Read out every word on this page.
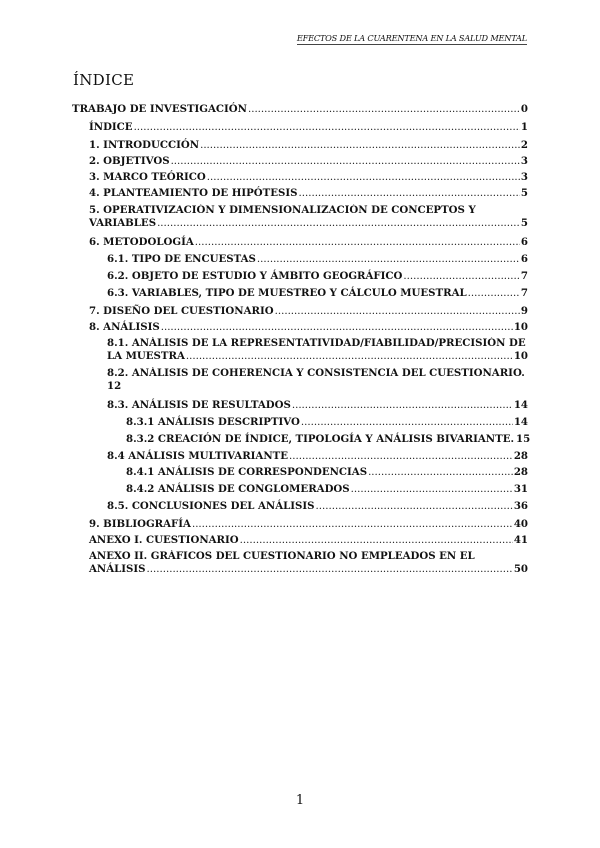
EFECTOS DE LA CUARENTENA EN LA SALUD MENTAL
ÍNDICE
TRABAJO DE INVESTIGACIÓN .....	0
ÍNDICE .....	1
1. INTRODUCCIÓN .....	2
2. OBJETIVOS .....	3
3. MARCO TEÓRICO .....	3
4. PLANTEAMIENTO DE HIPÓTESIS .....	5
5. OPERATIVIZACIÓN Y DIMENSIONALIZACIÓN DE CONCEPTOS Y
VARIABLES .....	5
6. METODOLOGÍA .....	6
6.1. TIPO DE ENCUESTAS .....	6
6.2. OBJETO DE ESTUDIO Y ÁMBITO GEOGRÁFICO .....	7
6.3. VARIABLES, TIPO DE MUESTREO Y CÁLCULO MUESTRAL .....	7
7. DISEÑO DEL CUESTIONARIO .....	9
8. ANÁLISIS .....	10
8.1. ANÁLISIS DE LA REPRESENTATIVIDAD/FIABILIDAD/PRECISIÓN DE
LA MUESTRA .....	10
8.2. ANÁLISIS DE COHERENCIA Y CONSISTENCIA DEL CUESTIONARIO.
12
8.3. ANÁLISIS DE RESULTADOS .....	14
8.3.1 ANÁLISIS DESCRIPTIVO .....	14
8.3.2 CREACIÓN DE ÍNDICE, TIPOLOGÍA Y ANÁLISIS BIVARIANTE. 15
8.4 ANÁLISIS MULTIVARIANTE .....	28
8.4.1 ANÁLISIS DE CORRESPONDENCIAS .....	28
8.4.2 ANÁLISIS DE CONGLOMERADOS .....	31
8.5. CONCLUSIONES DEL ANÁLISIS .....	36
9. BIBLIOGRAFÍA .....	40
ANEXO I. CUESTIONARIO .....	41
ANEXO II. GRÁFICOS DEL CUESTIONARIO NO EMPLEADOS EN EL
ANÁLISIS .....	50
1
